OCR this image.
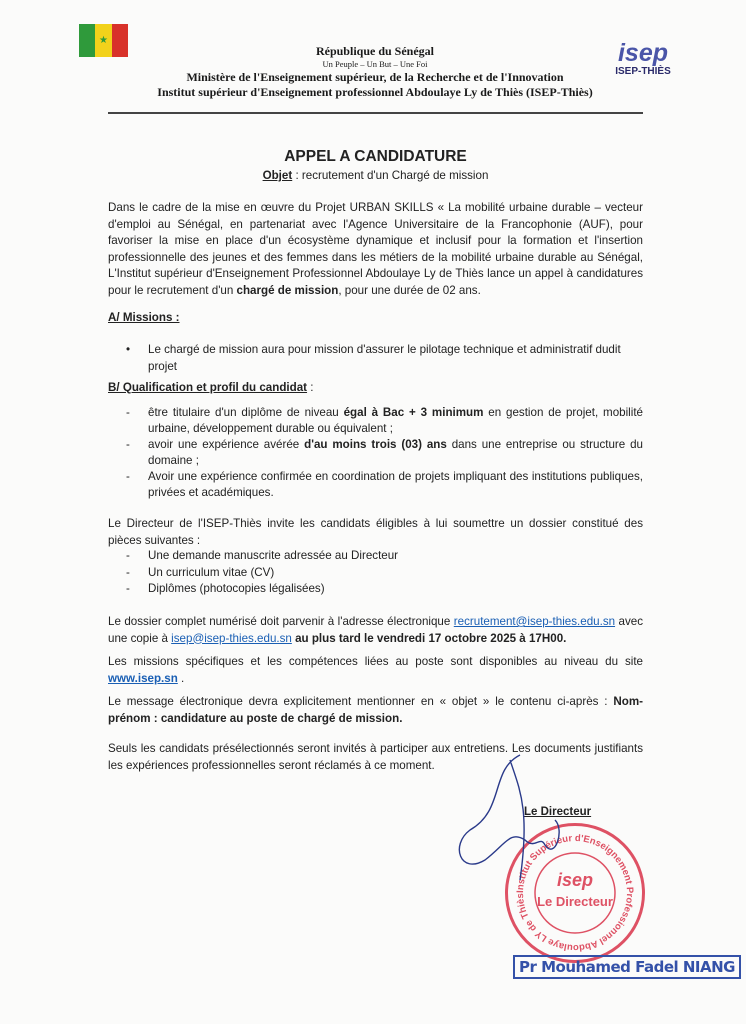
★
République du Sénégal
Un Peuple – Un But – Une Foi
Ministère de l'Enseignement supérieur, de la Recherche et de l'Innovation
Institut supérieur d'Enseignement professionnel Abdoulaye Ly de Thiès (ISEP-Thiès)
isep
ISEP-THIÈS
APPEL A CANDIDATURE
Objet : recrutement d'un Chargé de mission
Dans le cadre de la mise en œuvre du Projet URBAN SKILLS « La mobilité urbaine durable – vecteur d'emploi au Sénégal, en partenariat avec l'Agence Universitaire de la Francophonie (AUF), pour favoriser la mise en place d'un écosystème dynamique et inclusif pour la formation et l'insertion professionnelle des jeunes et des femmes dans les métiers de la mobilité urbaine durable au Sénégal, L'Institut supérieur d'Enseignement Professionnel Abdoulaye Ly de Thiès lance un appel à candidatures pour le recrutement d'un chargé de mission, pour une durée de 02 ans.
A/ Missions :
• Le chargé de mission aura pour mission d'assurer le pilotage technique et administratif dudit projet
B/ Qualification et profil du candidat :
- être titulaire d'un diplôme de niveau égal à Bac + 3 minimum en gestion de projet, mobilité urbaine, développement durable ou équivalent ;
- avoir une expérience avérée d'au moins trois (03) ans dans une entreprise ou structure du domaine ;
- Avoir une expérience confirmée en coordination de projets impliquant des institutions publiques, privées et académiques.
Le Directeur de l'ISEP-Thiès invite les candidats éligibles à lui soumettre un dossier constitué des pièces suivantes :
- Une demande manuscrite adressée au Directeur
- Un curriculum vitae (CV)
- Diplômes (photocopies légalisées)
Le dossier complet numérisé doit parvenir à l'adresse électronique recrutement@isep-thies.edu.sn avec une copie à isep@isep-thies.edu.sn au plus tard le vendredi 17 octobre 2025 à 17H00.
Les missions spécifiques et les compétences liées au poste sont disponibles au niveau du site www.isep.sn .
Le message électronique devra explicitement mentionner en « objet » le contenu ci-après : Nom-prénom : candidature au poste de chargé de mission.
Seuls les candidats présélectionnés seront invités à participer aux entretiens. Les documents justifiants les expériences professionnelles seront réclamés à ce moment.
Le Directeur
Institut Supérieur d'Enseignement Professionnel Abdoulaye LY de Thiès
isep
Le Directeur
Pr Mouhamed Fadel NIANG
